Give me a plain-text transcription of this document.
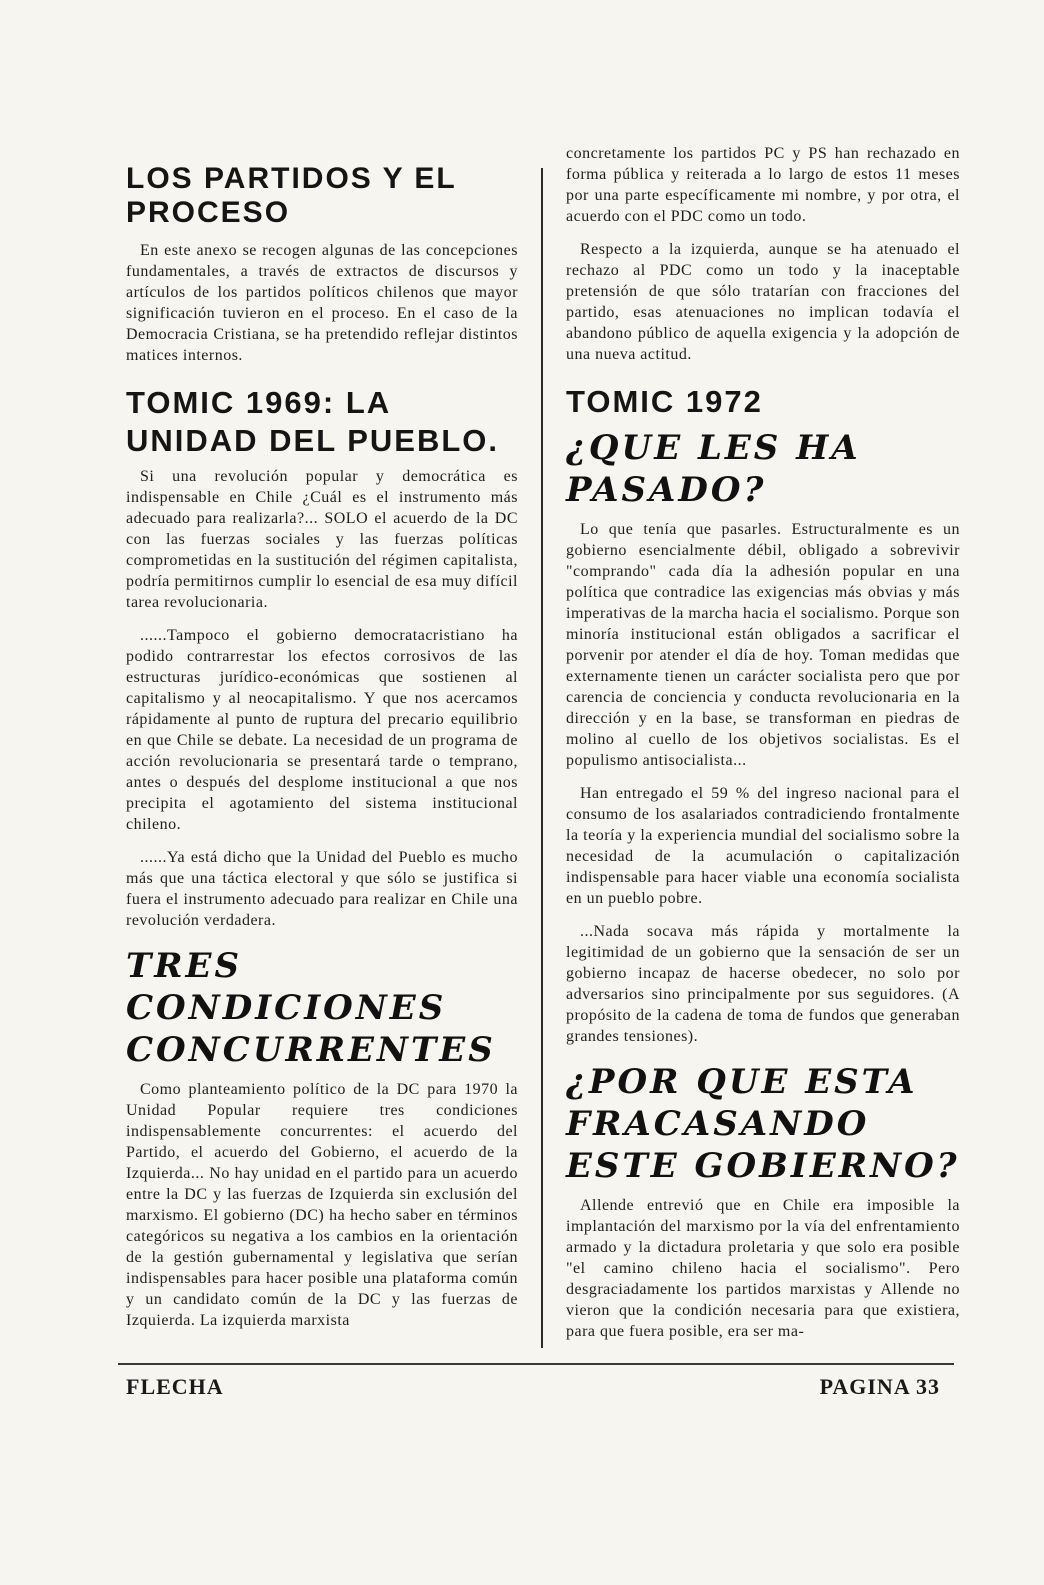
LOS PARTIDOS Y EL PROCESO

En este anexo se recogen algunas de las concepciones fundamentales, a través de extractos de discursos y artículos de los partidos políticos chilenos que mayor significación tuvieron en el proceso. En el caso de la Democracia Cristiana, se ha pretendido reflejar distintos matices internos.

TOMIC 1969: LA UNIDAD DEL PUEBLO.

Si una revolución popular y democrática es indispensable en Chile ¿Cuál es el instrumento más adecuado para realizarla?... SOLO el acuerdo de la DC con las fuerzas sociales y las fuerzas políticas comprometidas en la sustitución del régimen capitalista, podría permitirnos cumplir lo esencial de esa muy difícil tarea revolucionaria.

......Tampoco el gobierno democratacristiano ha podido contrarrestar los efectos corrosivos de las estructuras jurídico-económicas que sostienen al capitalismo y al neocapitalismo. Y que nos acercamos rápidamente al punto de ruptura del precario equilibrio en que Chile se debate. La necesidad de un programa de acción revolucionaria se presentará tarde o temprano, antes o después del desplome institucional a que nos precipita el agotamiento del sistema institucional chileno.

......Ya está dicho que la Unidad del Pueblo es mucho más que una táctica electoral y que sólo se justifica si fuera el instrumento adecuado para realizar en Chile una revolución verdadera.

TRES CONDICIONES CONCURRENTES

Como planteamiento político de la DC para 1970 la Unidad Popular requiere tres condiciones indispensablemente concurrentes: el acuerdo del Partido, el acuerdo del Gobierno, el acuerdo de la Izquierda... No hay unidad en el partido para un acuerdo entre la DC y las fuerzas de Izquierda sin exclusión del marxismo. El gobierno (DC) ha hecho saber en términos categóricos su negativa a los cambios en la orientación de la gestión gubernamental y legislativa que serían indispensables para hacer posible una plataforma común y un candidato común de la DC y las fuerzas de Izquierda. La izquierda marxista

concretamente los partidos PC y PS han rechazado en forma pública y reiterada a lo largo de estos 11 meses por una parte específicamente mi nombre, y por otra, el acuerdo con el PDC como un todo.

Respecto a la izquierda, aunque se ha atenuado el rechazo al PDC como un todo y la inaceptable pretensión de que sólo tratarían con fracciones del partido, esas atenuaciones no implican todavía el abandono público de aquella exigencia y la adopción de una nueva actitud.

TOMIC 1972
¿QUE LES HA PASADO?

Lo que tenía que pasarles. Estructuralmente es un gobierno esencialmente débil, obligado a sobrevivir "comprando" cada día la adhesión popular en una política que contradice las exigencias más obvias y más imperativas de la marcha hacia el socialismo. Porque son minoría institucional están obligados a sacrificar el porvenir por atender el día de hoy. Toman medidas que externamente tienen un carácter socialista pero que por carencia de conciencia y conducta revolucionaria en la dirección y en la base, se transforman en piedras de molino al cuello de los objetivos socialistas. Es el populismo antisocialista...

Han entregado el 59 % del ingreso nacional para el consumo de los asalariados contradiciendo frontalmente la teoría y la experiencia mundial del socialismo sobre la necesidad de la acumulación o capitalización indispensable para hacer viable una economía socialista en un pueblo pobre.

...Nada socava más rápida y mortalmente la legitimidad de un gobierno que la sensación de ser un gobierno incapaz de hacerse obedecer, no solo por adversarios sino principalmente por sus seguidores. (A propósito de la cadena de toma de fundos que generaban grandes tensiones).

¿POR QUE ESTA FRACASANDO ESTE GOBIERNO?

Allende entrevió que en Chile era imposible la implantación del marxismo por la vía del enfrentamiento armado y la dictadura proletaria y que solo era posible "el camino chileno hacia el socialismo". Pero desgraciadamente los partidos marxistas y Allende no vieron que la condición necesaria para que existiera, para que fuera posible, era ser ma-

FLECHA	PAGINA 33
